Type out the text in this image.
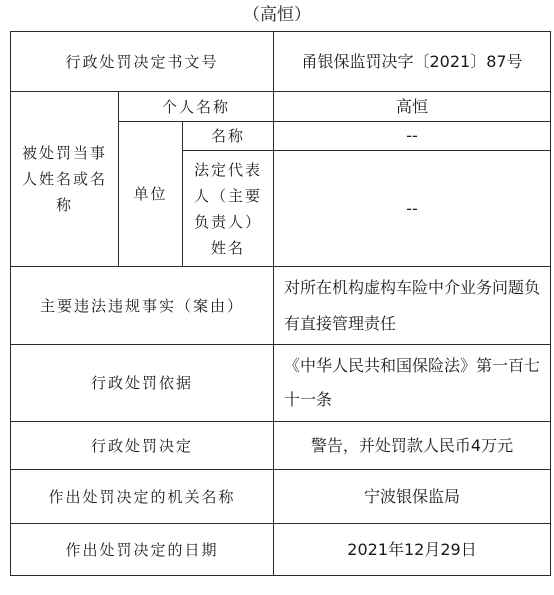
（高恒）
行政处罚决定书文号			甬银保监罚决字〔2021〕87号
被处罚当事人姓名或名称	个人名称		高恒
	单位	名称	--
		法定代表人（主要负责人）姓名	--
主要违法违规事实（案由）			对所在机构虚构车险中介业务问题负有直接管理责任
行政处罚依据			《中华人民共和国保险法》第一百七十一条
行政处罚决定			警告，并处罚款人民币4万元
作出处罚决定的机关名称			宁波银保监局
作出处罚决定的日期			2021年12月29日
